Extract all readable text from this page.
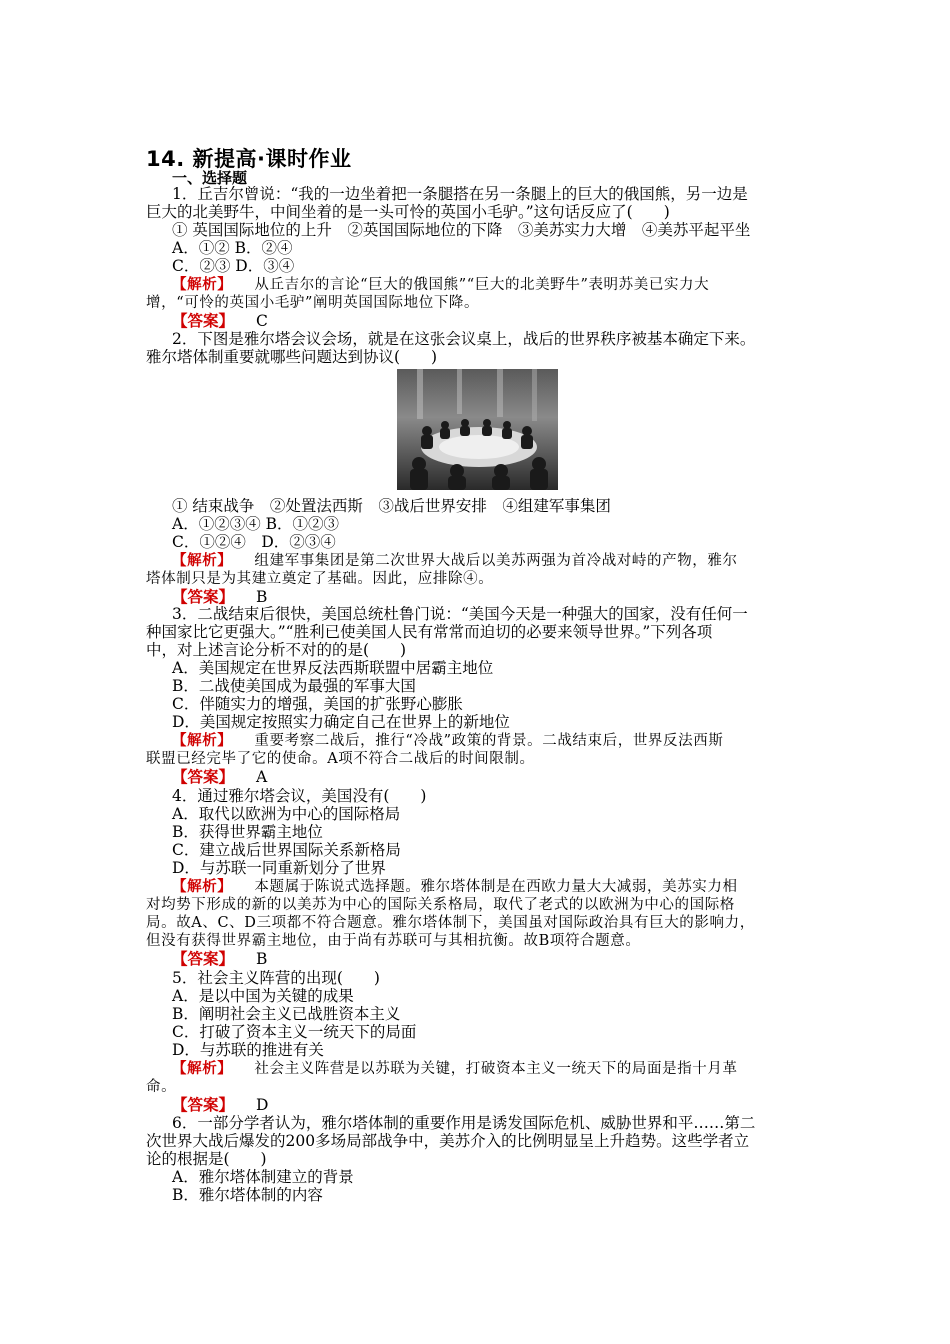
14. 新提高·课时作业
一、选择题
1．丘吉尔曾说：“我的一边坐着把一条腿搭在另一条腿上的巨大的俄国熊，另一边是
巨大的北美野牛，中间坐着的是一头可怜的英国小毛驴。”这句话反应了(　　)
① 英国国际地位的上升　②英国国际地位的下降　③美苏实力大增　④美苏平起平坐
A．①② B．②④
C．②③ D．③④
【解析】 从丘吉尔的言论“巨大的俄国熊”“巨大的北美野牛”表明苏美已实力大
增，“可怜的英国小毛驴”阐明英国国际地位下降。
【答案】 C
2．下图是雅尔塔会议会场，就是在这张会议桌上，战后的世界秩序被基本确定下来。
雅尔塔体制重要就哪些问题达到协议(　　)
① 结束战争　②处置法西斯　③战后世界安排　④组建军事集团
A．①②③④ B．①②③
C．①②④　D．②③④
【解析】 组建军事集团是第二次世界大战后以美苏两强为首冷战对峙的产物，雅尔
塔体制只是为其建立奠定了基础。因此，应排除④。
【答案】 B
3．二战结束后很快，美国总统杜鲁门说：“美国今天是一种强大的国家，没有任何一
种国家比它更强大。”“胜利已使美国人民有常常而迫切的必要来领导世界。”下列各项
中，对上述言论分析不对的的是(　　)
A．美国规定在世界反法西斯联盟中居霸主地位
B．二战使美国成为最强的军事大国
C．伴随实力的增强，美国的扩张野心膨胀
D．美国规定按照实力确定自己在世界上的新地位
【解析】 重要考察二战后，推行“冷战”政策的背景。二战结束后，世界反法西斯
联盟已经完毕了它的使命。A项不符合二战后的时间限制。
【答案】 A
4．通过雅尔塔会议，美国没有(　　)
A．取代以欧洲为中心的国际格局
B．获得世界霸主地位
C．建立战后世界国际关系新格局
D．与苏联一同重新划分了世界
【解析】 本题属于陈说式选择题。雅尔塔体制是在西欧力量大大减弱，美苏实力相
对均势下形成的新的以美苏为中心的国际关系格局，取代了老式的以欧洲为中心的国际格
局。故A、C、D三项都不符合题意。雅尔塔体制下，美国虽对国际政治具有巨大的影响力，
但没有获得世界霸主地位，由于尚有苏联可与其相抗衡。故B项符合题意。
【答案】 B
5．社会主义阵营的出现(　　)
A．是以中国为关键的成果
B．阐明社会主义已战胜资本主义
C．打破了资本主义一统天下的局面
D．与苏联的推进有关
【解析】 社会主义阵营是以苏联为关键，打破资本主义一统天下的局面是指十月革
命。
【答案】 D
6．一部分学者认为，雅尔塔体制的重要作用是诱发国际危机、威胁世界和平……第二
次世界大战后爆发的200多场局部战争中，美苏介入的比例明显呈上升趋势。这些学者立
论的根据是(　　)
A．雅尔塔体制建立的背景
B．雅尔塔体制的内容
